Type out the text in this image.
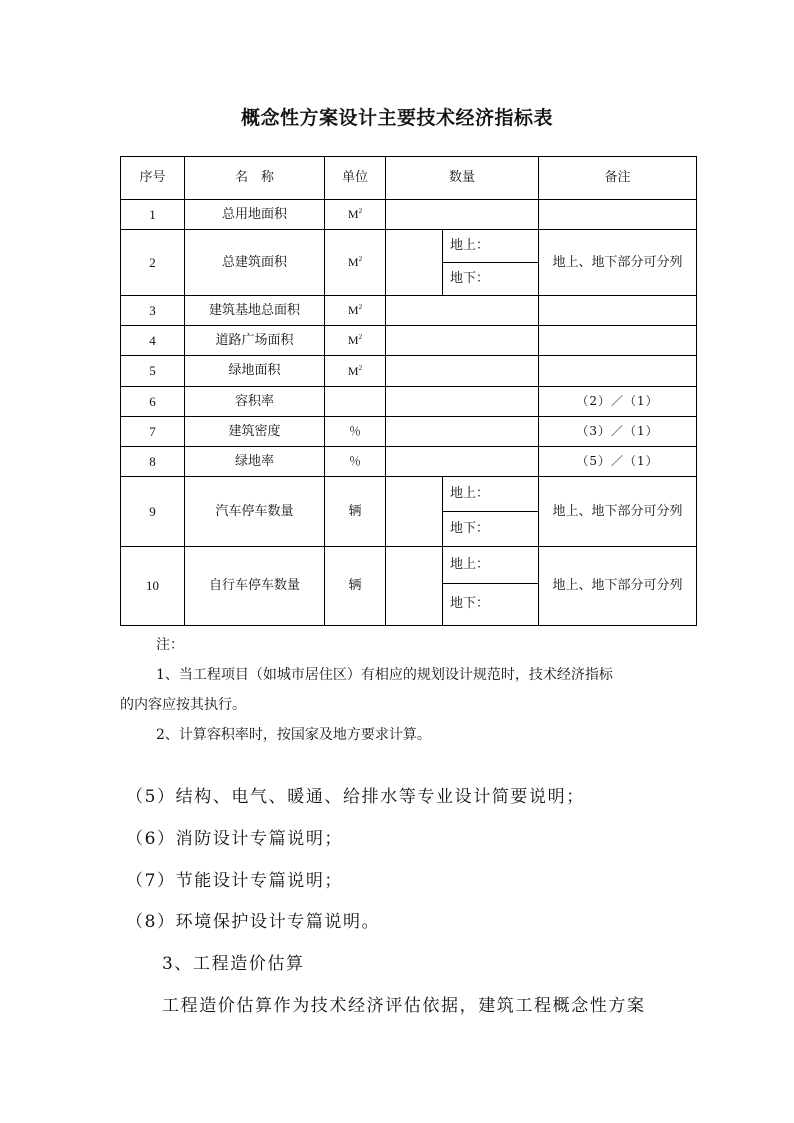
概念性方案设计主要技术经济指标表
序号	名　称	单位	数量		备注
1	总用地面积	$M^2$		
2	总建筑面积	$M^2$		地上：
地下：	地上、地下部分可分列
3	建筑基地总面积	$M^2$		
4	道路广场面积	$M^2$		
5	绿地面积	$M^2$		
6	容积率				（2）／（1）
7	建筑密度	％			（3）／（1）
8	绿地率	％			（5）／（1）
9	汽车停车数量	辆		地上：
地下：	地上、地下部分可分列
10	自行车停车数量	辆		地上：
地下：	地上、地下部分可分列

注：

1、当工程项目（如城市居住区）有相应的规划设计规范时，技术经济指标

的内容应按其执行。

2、计算容积率时，按国家及地方要求计算。

（5）结构、电气、暖通、给排水等专业设计简要说明；

（6）消防设计专篇说明；

（7）节能设计专篇说明；

（8）环境保护设计专篇说明。

3、工程造价估算

工程造价估算作为技术经济评估依据，建筑工程概念性方案
